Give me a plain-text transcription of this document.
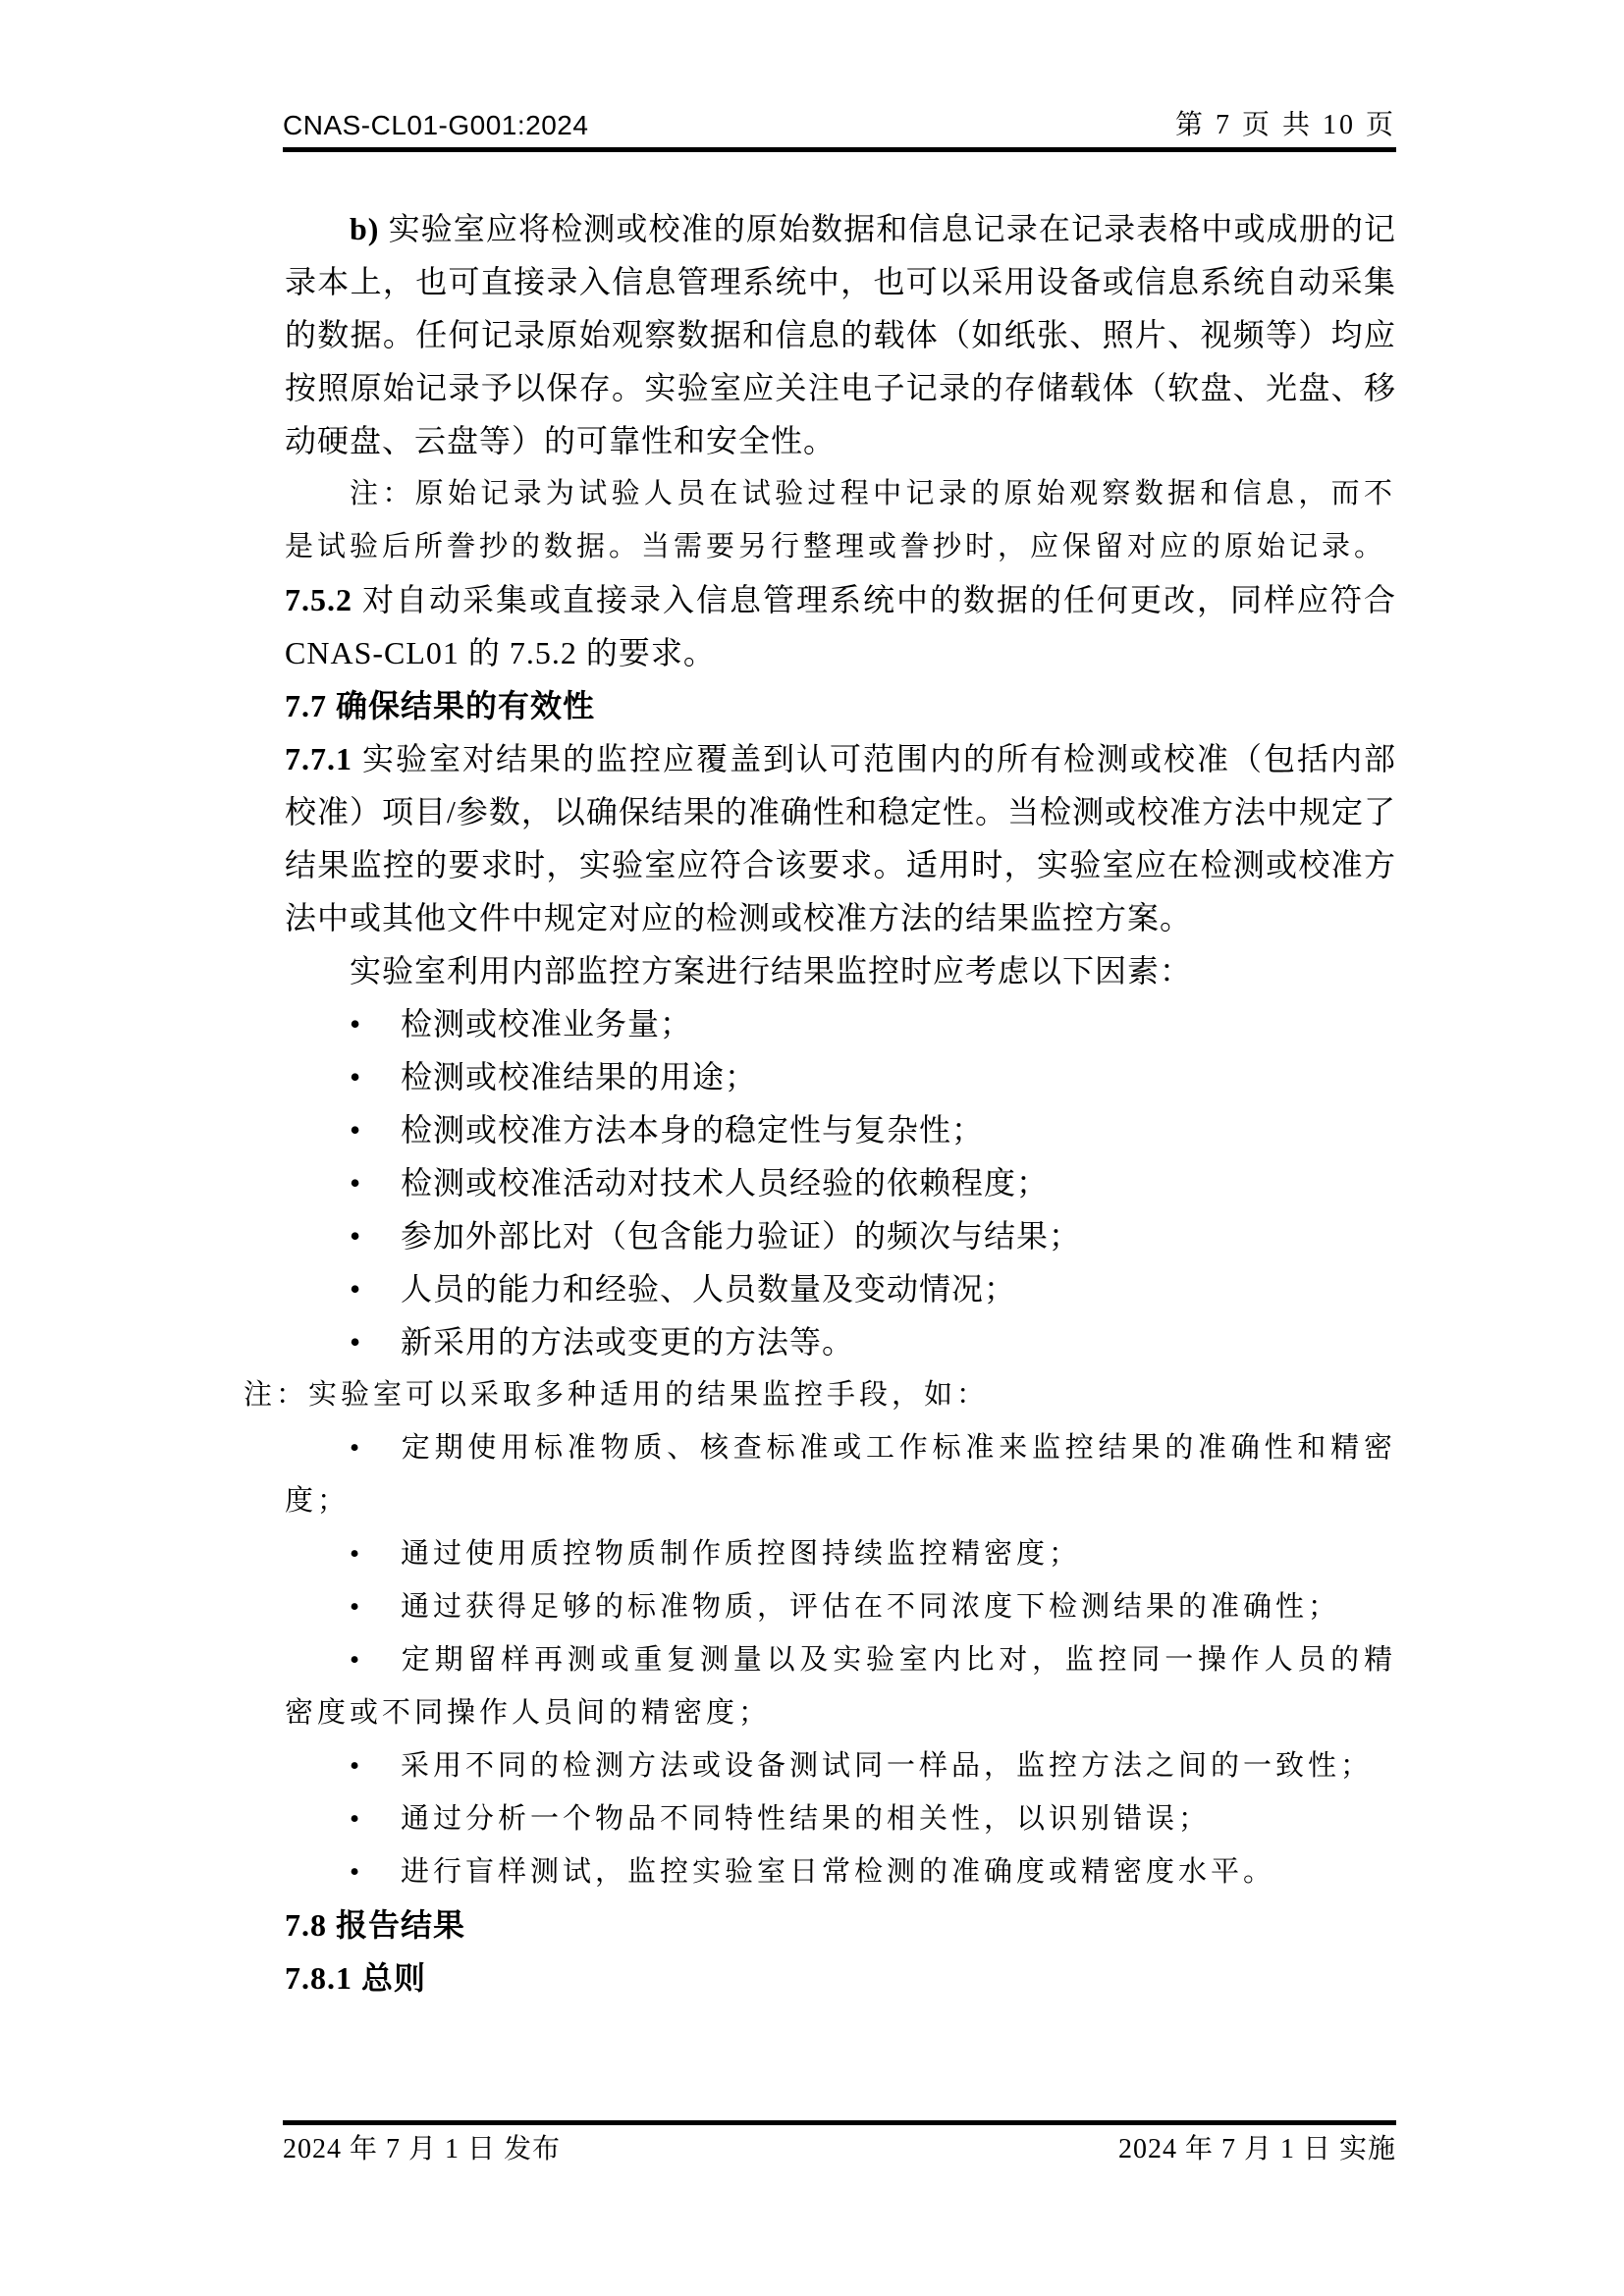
CNAS-CL01-G001:2024	第 7 页 共 10 页

b) 实验室应将检测或校准的原始数据和信息记录在记录表格中或成册的记录本上，也可直接录入信息管理系统中，也可以采用设备或信息系统自动采集的数据。任何记录原始观察数据和信息的载体（如纸张、照片、视频等）均应按照原始记录予以保存。实验室应关注电子记录的存储载体（软盘、光盘、移动硬盘、云盘等）的可靠性和安全性。

注：原始记录为试验人员在试验过程中记录的原始观察数据和信息，而不是试验后所誊抄的数据。当需要另行整理或誊抄时，应保留对应的原始记录。

7.5.2 对自动采集或直接录入信息管理系统中的数据的任何更改，同样应符合 CNAS-CL01 的 7.5.2 的要求。

7.7 确保结果的有效性

7.7.1 实验室对结果的监控应覆盖到认可范围内的所有检测或校准（包括内部校准）项目/参数，以确保结果的准确性和稳定性。当检测或校准方法中规定了结果监控的要求时，实验室应符合该要求。适用时，实验室应在检测或校准方法中或其他文件中规定对应的检测或校准方法的结果监控方案。

实验室利用内部监控方案进行结果监控时应考虑以下因素：

• 检测或校准业务量；
• 检测或校准结果的用途；
• 检测或校准方法本身的稳定性与复杂性；
• 检测或校准活动对技术人员经验的依赖程度；
• 参加外部比对（包含能力验证）的频次与结果；
• 人员的能力和经验、人员数量及变动情况；
• 新采用的方法或变更的方法等。

注：实验室可以采取多种适用的结果监控手段，如：

• 定期使用标准物质、核查标准或工作标准来监控结果的准确性和精密度；
• 通过使用质控物质制作质控图持续监控精密度；
• 通过获得足够的标准物质，评估在不同浓度下检测结果的准确性；
• 定期留样再测或重复测量以及实验室内比对，监控同一操作人员的精密度或不同操作人员间的精密度；
• 采用不同的检测方法或设备测试同一样品，监控方法之间的一致性；
• 通过分析一个物品不同特性结果的相关性，以识别错误；
• 进行盲样测试，监控实验室日常检测的准确度或精密度水平。

7.8 报告结果

7.8.1 总则

2024 年 7 月 1 日 发布	2024 年 7 月 1 日 实施
